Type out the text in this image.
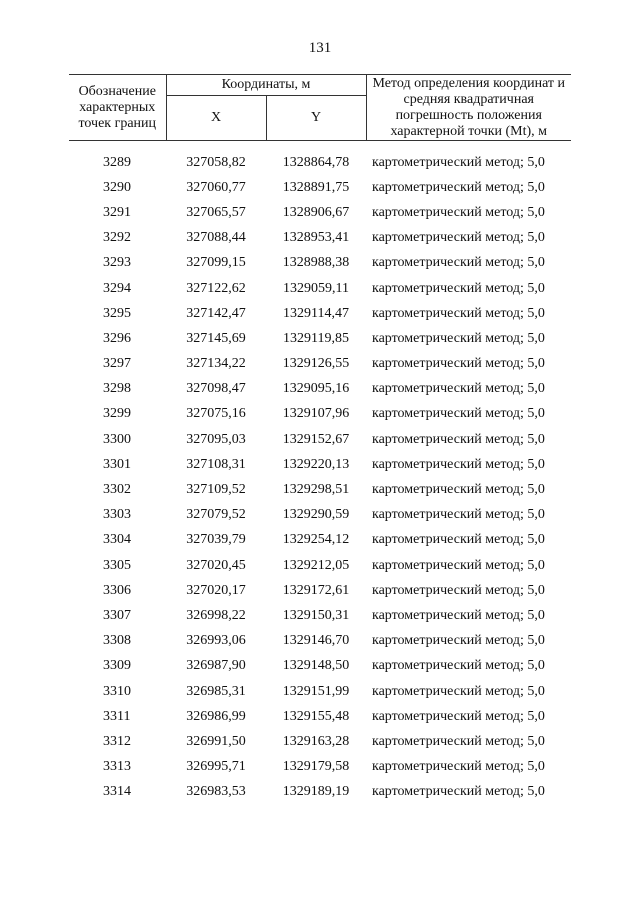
131
Обозначение характерных точек границ	Координаты, м		Метод определения координат и средняя квадратичная погрешность положения характерной точки (Mt), м
	X	Y	

3289	327058,82	1328864,78	картометрический метод; 5,0
3290	327060,77	1328891,75	картометрический метод; 5,0
3291	327065,57	1328906,67	картометрический метод; 5,0
3292	327088,44	1328953,41	картометрический метод; 5,0
3293	327099,15	1328988,38	картометрический метод; 5,0
3294	327122,62	1329059,11	картометрический метод; 5,0
3295	327142,47	1329114,47	картометрический метод; 5,0
3296	327145,69	1329119,85	картометрический метод; 5,0
3297	327134,22	1329126,55	картометрический метод; 5,0
3298	327098,47	1329095,16	картометрический метод; 5,0
3299	327075,16	1329107,96	картометрический метод; 5,0
3300	327095,03	1329152,67	картометрический метод; 5,0
3301	327108,31	1329220,13	картометрический метод; 5,0
3302	327109,52	1329298,51	картометрический метод; 5,0
3303	327079,52	1329290,59	картометрический метод; 5,0
3304	327039,79	1329254,12	картометрический метод; 5,0
3305	327020,45	1329212,05	картометрический метод; 5,0
3306	327020,17	1329172,61	картометрический метод; 5,0
3307	326998,22	1329150,31	картометрический метод; 5,0
3308	326993,06	1329146,70	картометрический метод; 5,0
3309	326987,90	1329148,50	картометрический метод; 5,0
3310	326985,31	1329151,99	картометрический метод; 5,0
3311	326986,99	1329155,48	картометрический метод; 5,0
3312	326991,50	1329163,28	картометрический метод; 5,0
3313	326995,71	1329179,58	картометрический метод; 5,0
3314	326983,53	1329189,19	картометрический метод; 5,0
